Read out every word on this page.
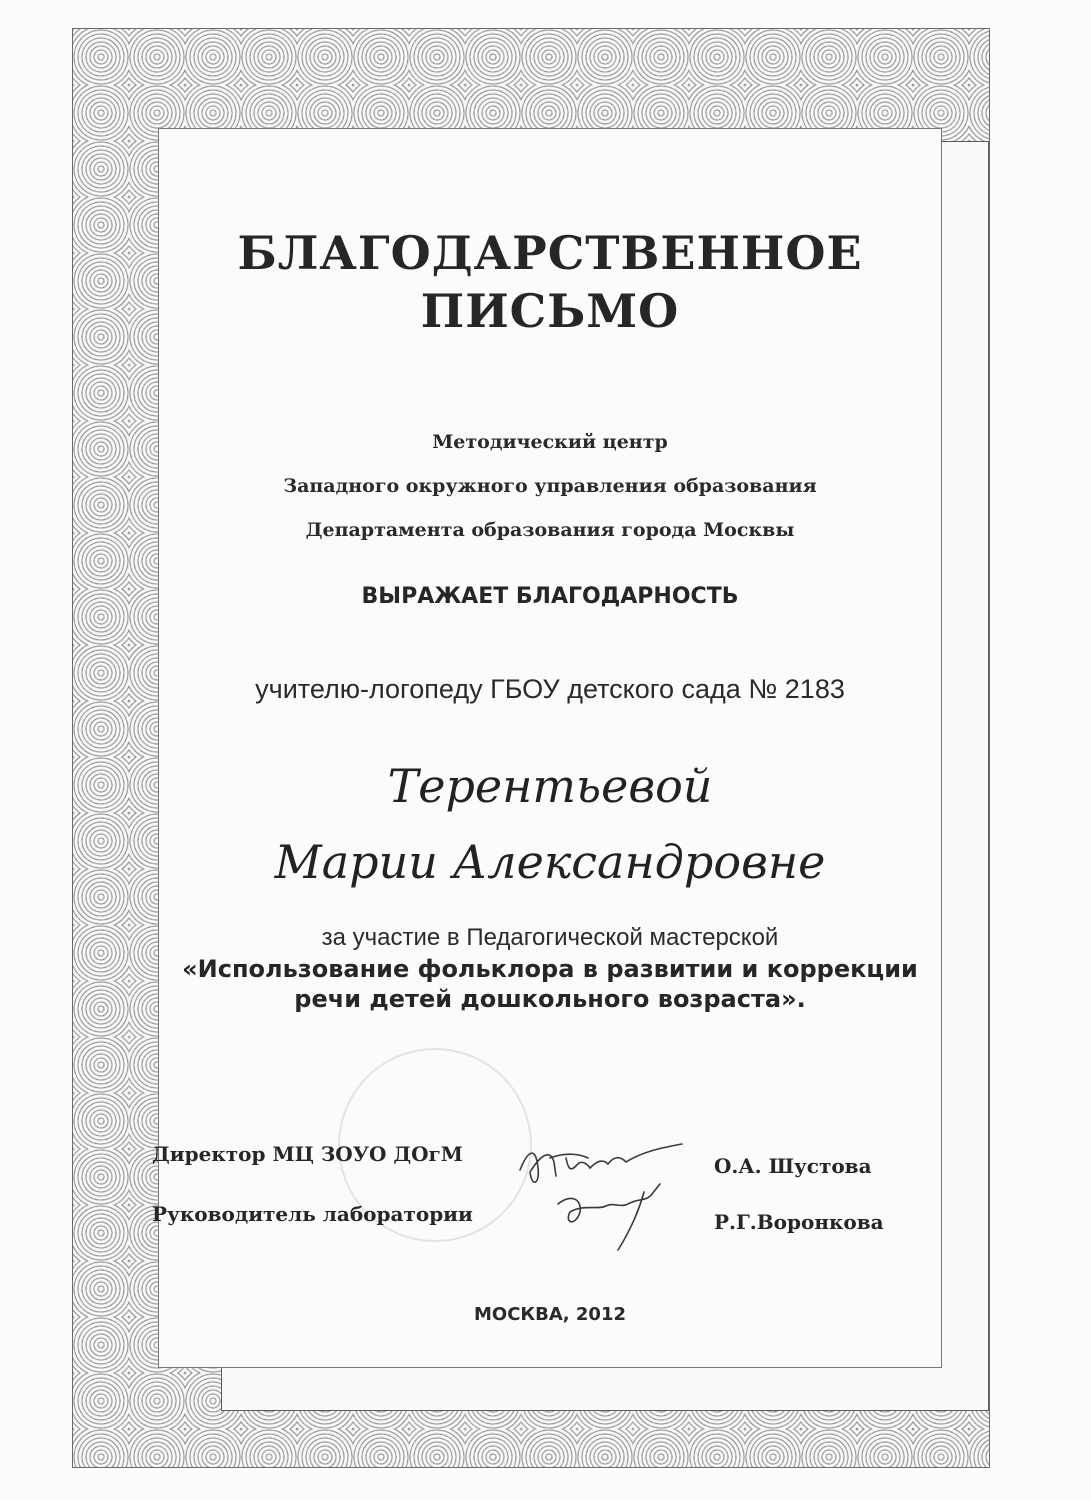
БЛАГОДАРСТВЕННОЕ
ПИСЬМО
Методический центр
Западного окружного управления образования
Департамента образования города Москвы
ВЫРАЖАЕТ БЛАГОДАРНОСТЬ
учителю-логопеду ГБОУ детского сада № 2183
Терентьевой
Марии Александровне
за участие в Педагогической мастерской
«Использование фольклора в развитии и коррекции
речи детей дошкольного возраста».
Директор МЦ ЗОУО ДОгМ
Руководитель лаборатории
О.А. Шустова
Р.Г.Воронкова
МОСКВА, 2012
